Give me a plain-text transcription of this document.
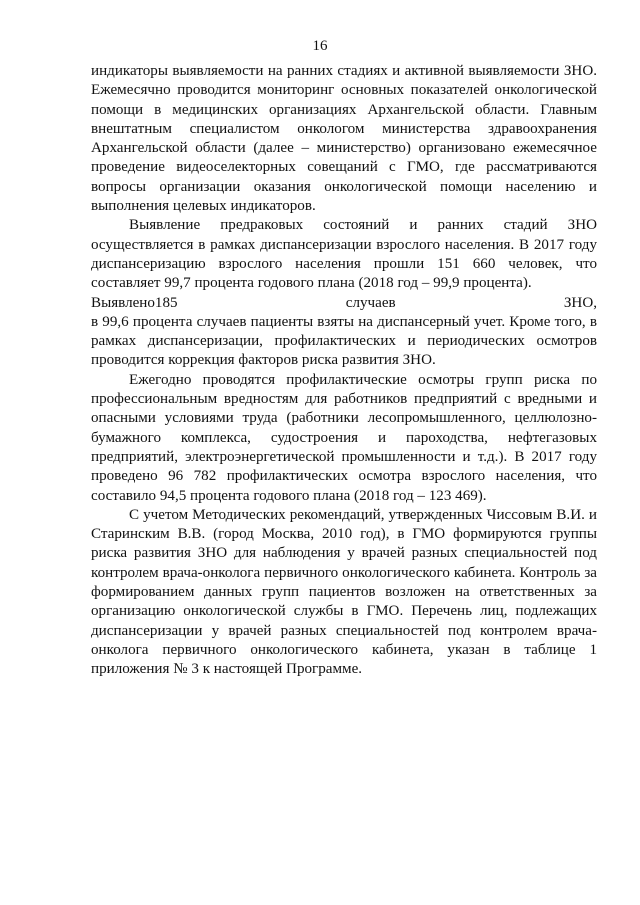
16

индикаторы выявляемости на ранних стадиях и активной выявляемости ЗНО. Ежемесячно проводится мониторинг основных показателей онкологической помощи в медицинских организациях Архангельской области. Главным внештатным специалистом онкологом министерства здравоохранения Архангельской области (далее – министерство) организовано ежемесячное проведение видеоселекторных совещаний с ГМО, где рассматриваются вопросы организации оказания онкологической помощи населению и выполнения целевых индикаторов.

Выявление предраковых состояний и ранних стадий ЗНО осуществляется в рамках диспансеризации взрослого населения. В 2017 году диспансеризацию взрослого населения прошли 151 660 человек, что составляет 99,7 процента годового плана (2018 год – 99,9 процента).

Выявлено185	случаев	ЗНО,

в 99,6 процента случаев пациенты взяты на диспансерный учет. Кроме того, в рамках диспансеризации, профилактических и периодических осмотров проводится коррекция факторов риска развития ЗНО.

Ежегодно проводятся профилактические осмотры групп риска по профессиональным вредностям для работников предприятий с вредными и опасными условиями труда (работники лесопромышленного, целлюлозно-бумажного комплекса, судостроения и пароходства, нефтегазовых предприятий, электроэнергетической промышленности и т.д.). В 2017 году проведено 96 782 профилактических осмотра взрослого населения, что составило 94,5 процента годового плана (2018 год – 123 469).

С учетом Методических рекомендаций, утвержденных Чиссовым В.И. и Старинским В.В. (город Москва, 2010 год), в ГМО формируются группы риска развития ЗНО для наблюдения у врачей разных специальностей под контролем врача-онколога первичного онкологического кабинета. Контроль за формированием данных групп пациентов возложен на ответственных за организацию онкологической службы в ГМО. Перечень лиц, подлежащих диспансеризации у врачей разных специальностей под контролем врача-онколога первичного онкологического кабинета, указан в таблице 1 приложения № 3 к настоящей Программе.
